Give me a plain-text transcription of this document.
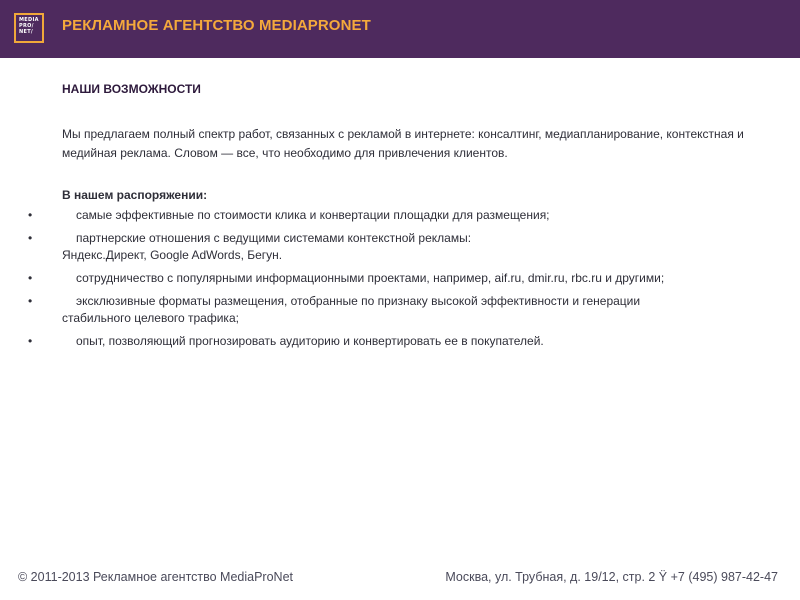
MEDIA
PRO/
NET/	РЕКЛАМНОЕ АГЕНТСТВО MEDIAPRONET
НАШИ ВОЗМОЖНОСТИ
Мы предлагаем полный спектр работ, связанных с рекламой в интернете: консалтинг, медиапланирование, контекстная и медийная реклама. Словом — все, что необходимо для привлечения клиентов.
В нашем распоряжении:
•	самые эффективные по стоимости клика и конвертации площадки для размещения;
•	партнерские отношения с ведущими системами контекстной рекламы:
Яндекс.Директ, Google AdWords, Бегун.
•	сотрудничество с популярными информационными проектами, например, aif.ru, dmir.ru, rbc.ru и другими;
•	эксклюзивные форматы размещения, отобранные по признаку высокой эффективности и генерации
стабильного целевого трафика;
•	опыт, позволяющий прогнозировать аудиторию и конвертировать ее в покупателей.
© 2011-2013 Рекламное агентство MediaProNet	Москва, ул. Трубная, д. 19/12, стр. 2 Ÿ +7 (495) 987-42-47
